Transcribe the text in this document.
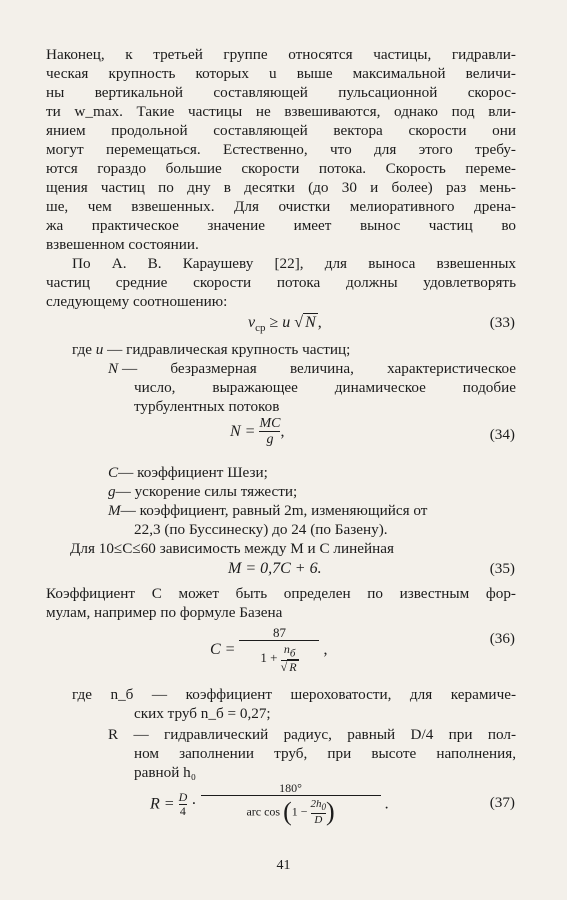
Наконец, к третьей группе относятся частицы, гидравли-
ческая крупность которых u выше максимальной величи-
ны вертикальной составляющей пульсационной скорос-
ти w_max. Такие частицы не взвешиваются, однако под вли-
янием продольной составляющей вектора скорости они
могут перемещаться. Естественно, что для этого требу-
ются гораздо большие скорости потока. Скорость переме-
щения частиц по дну в десятки (до 30 и более) раз мень-
ше, чем взвешенных. Для очистки мелиоративного дрена-
жа практическое значение имеет вынос частиц во
взвешенном состоянии.
По А. В. Караушеву [22], для выноса взвешенных
частиц средние скорости потока должны удовлетворять
следующему соотношению:
$v_{ср} \ge u$ √ N ,	(33)
где u — гидравлическая крупность частиц;
N — безразмерная величина, характеристическое
число, выражающее динамическое подобие
турбулентных потоков
$N = \frac{MC}{g}$ ,	(34)
C— коэффициент Шези;
g— ускорение силы тяжести;
M— коэффициент, равный 2m, изменяющийся от
22,3 (по Буссинеску) до 24 (по Базену).
Для 10≤C≤60 зависимость между M и C линейная
M = 0,7C + 6.	(35)
Коэффициент C может быть определен по известным фор-
мулам, например по формуле Базена
$C = \frac{87}{1 + \frac{n_б}{√ R}}$ ,
(36)
где n_б — коэффициент шероховатости, для керамиче-
ских труб n_б = 0,27;
R — гидравлический радиус, равный D/4 при пол-
ном заполнении труб, при высоте наполнения,
равной h₀
$R = \frac{D}{4}$ ·
180°
arc $\cos (1 - \frac{2h_0}{D}$ )	.	(37)
41
